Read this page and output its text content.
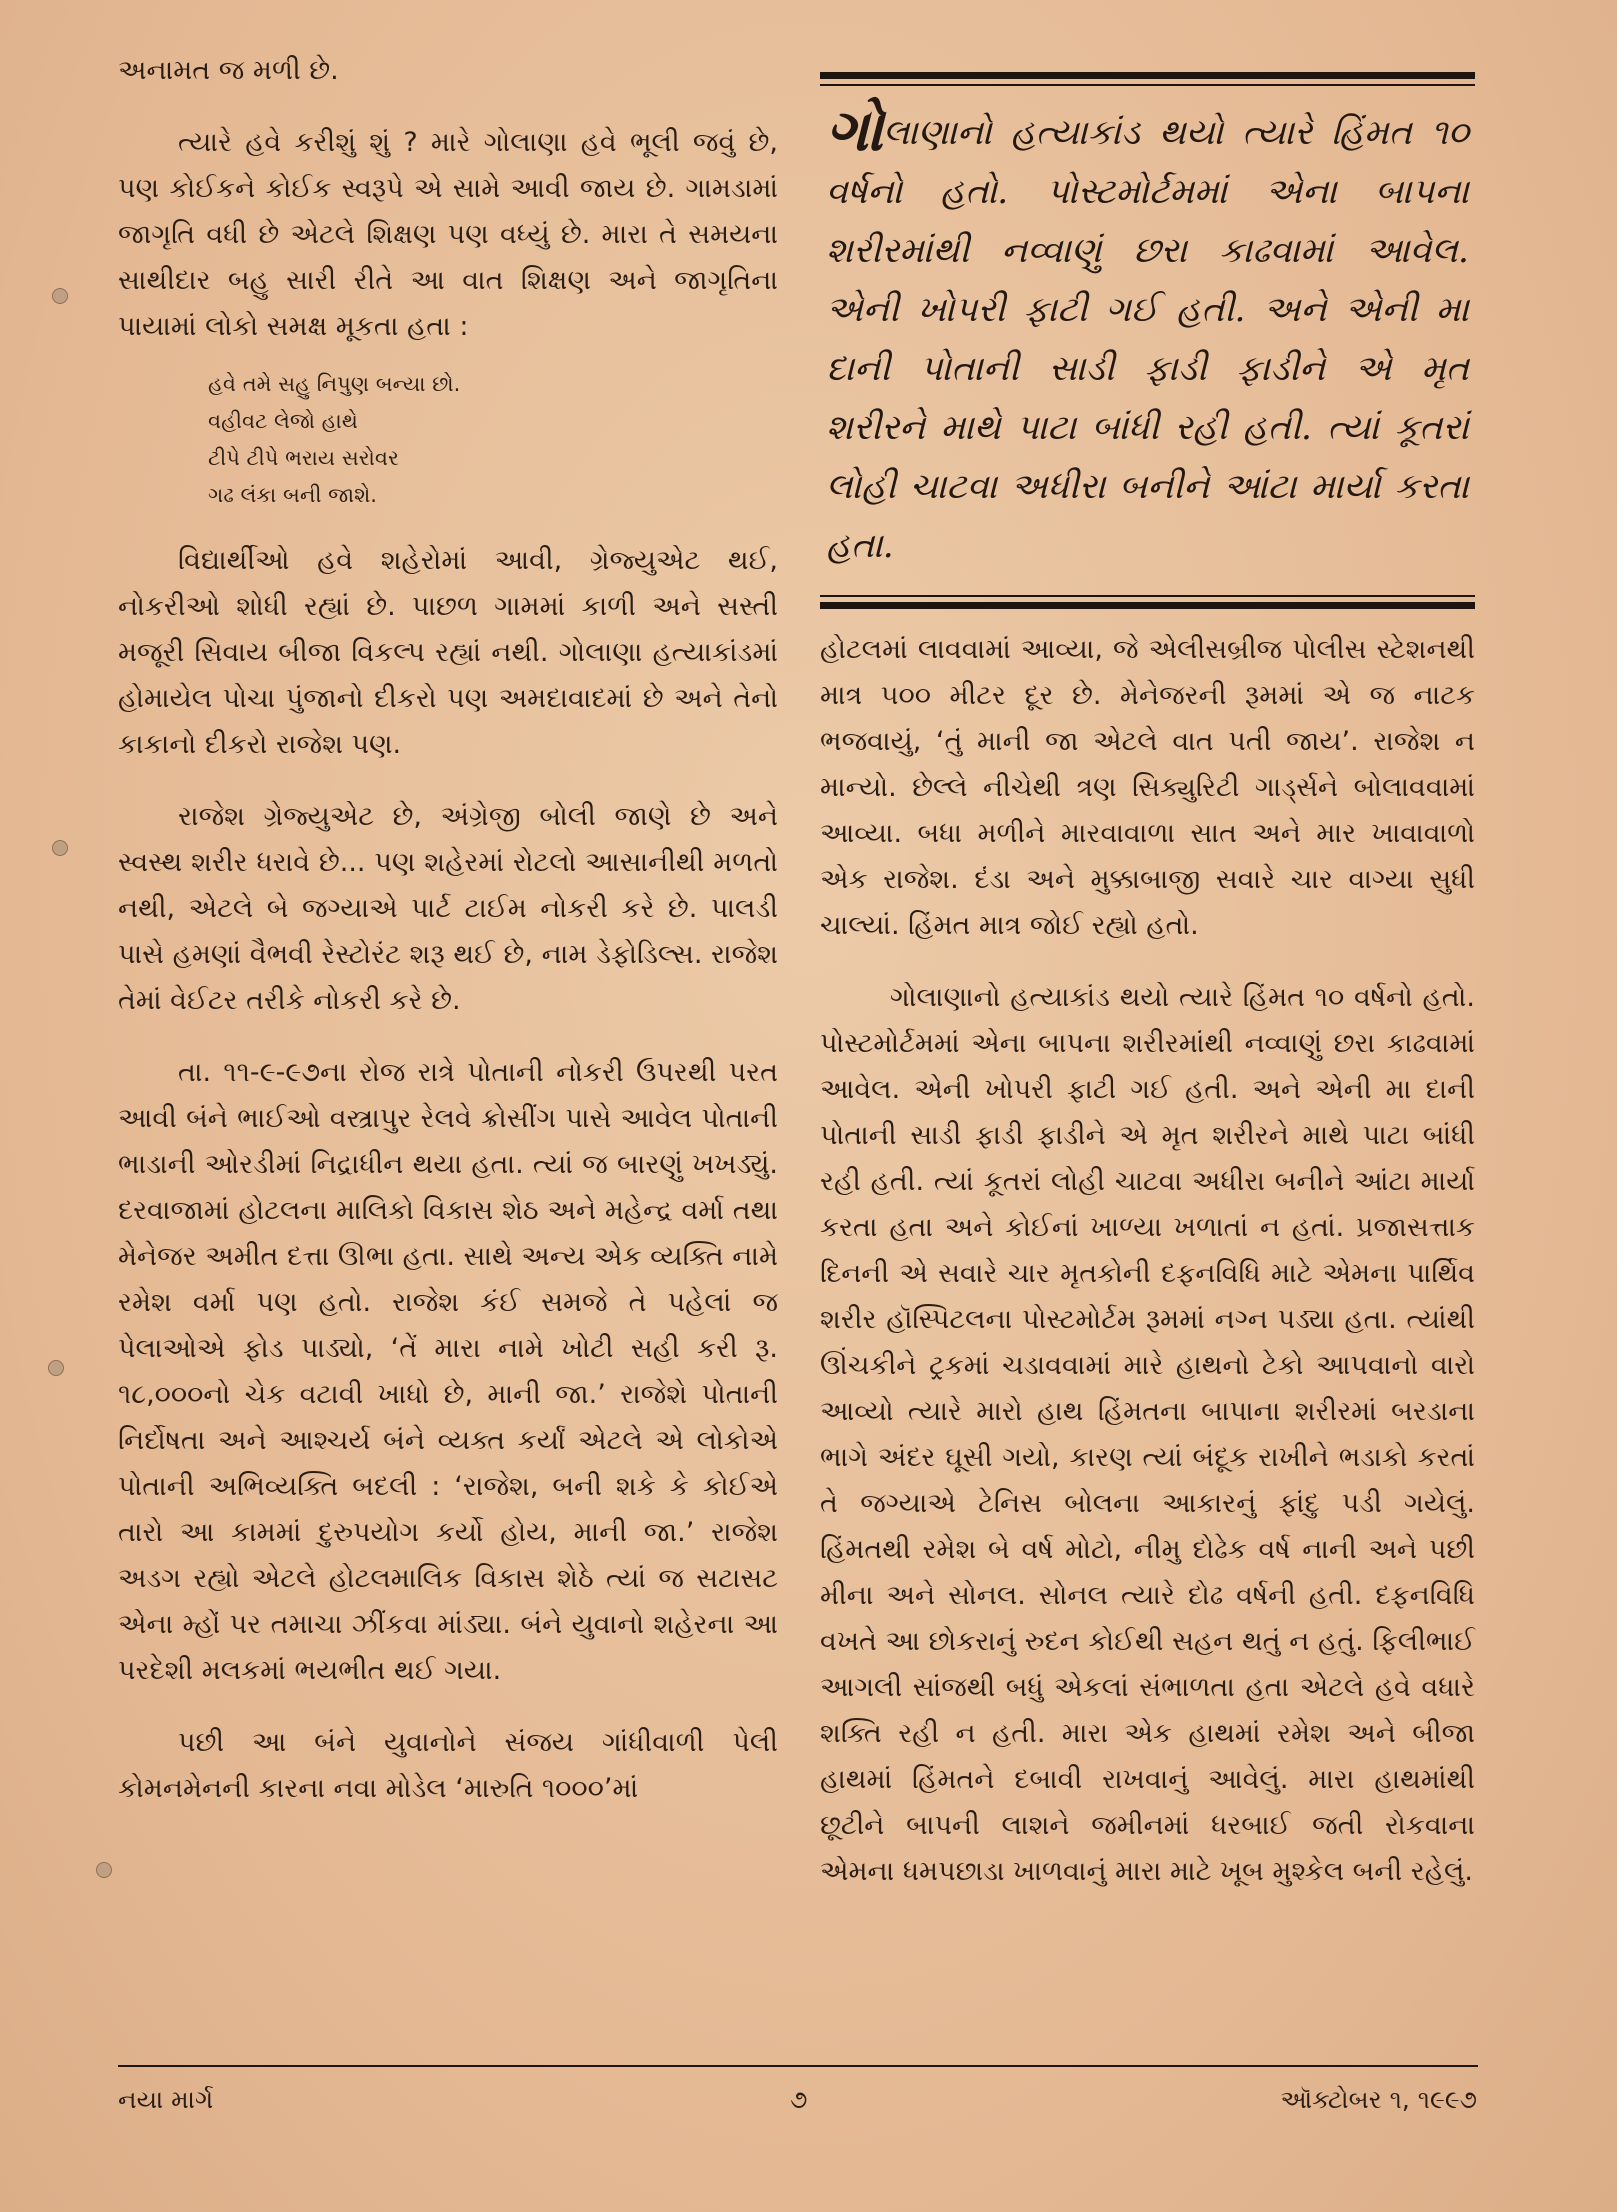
અનામત જ મળી છે.

ત્યારે હવે કરીશું શું ? મારે ગોલાણા હવે ભૂલી જવું છે, પણ કોઈકને કોઈક સ્વરૂપે એ સામે આવી જાય છે. ગામડામાં જાગૃતિ વધી છે એટલે શિક્ષણ પણ વધ્યું છે. મારા તે સમયના સાથીદાર બહુ સારી રીતે આ વાત શિક્ષણ અને જાગૃતિના પાયામાં લોકો સમક્ષ મૂકતા હતા :

હવે તમે સહુ નિપુણ બન્યા છો.
વહીવટ લેજો હાથે
ટીપે ટીપે ભરાય સરોવર
ગઢ લંકા બની જાશે.

વિદ્યાર્થીઓ હવે શહેરોમાં આવી, ગ્રેજ્યુએટ થઈ, નોકરીઓ શોધી રહ્યાં છે. પાછળ ગામમાં કાળી અને સસ્તી મજૂરી સિવાય બીજા વિકલ્પ રહ્યાં નથી. ગોલાણા હત્યાકાંડમાં હોમાયેલ પોચા પુંજાનો દીકરો પણ અમદાવાદમાં છે અને તેનો કાકાનો દીકરો રાજેશ પણ.

રાજેશ ગ્રેજ્યુએટ છે, અંગ્રેજી બોલી જાણે છે અને સ્વસ્થ શરીર ધરાવે છે... પણ શહેરમાં રોટલો આસાનીથી મળતો નથી, એટલે બે જગ્યાએ પાર્ટ ટાઈમ નોકરી કરે છે. પાલડી પાસે હમણાં વૈભવી રેસ્ટોરંટ શરૂ થઈ છે, નામ ડેફોડિલ્સ. રાજેશ તેમાં વેઈટર તરીકે નોકરી કરે છે.

તા. ૧૧-૯-૯૭ના રોજ રાત્રે પોતાની નોકરી ઉપરથી પરત આવી બંને ભાઈઓ વસ્ત્રાપુર રેલવે ક્રોસીંગ પાસે આવેલ પોતાની ભાડાની ઓરડીમાં નિદ્રાધીન થયા હતા. ત્યાં જ બારણું ખખડ્યું. દરવાજામાં હોટલના માલિકો વિકાસ શેઠ અને મહેન્દ્ર વર્મા તથા મેનેજર અમીત દત્તા ઊભા હતા. સાથે અન્ય એક વ્યક્તિ નામે રમેશ વર્મા પણ હતો. રાજેશ કંઈ સમજે તે પહેલાં જ પેલાઓએ ફોડ પાડ્યો, ‘તેં મારા નામે ખોટી સહી કરી રૂ. ૧૮,૦૦૦નો ચેક વટાવી ખાધો છે, માની જા.’ રાજેશે પોતાની નિર્દોષતા અને આશ્ચર્ય બંને વ્યક્ત કર્યાં એટલે એ લોકોએ પોતાની અભિવ્યક્તિ બદલી : ‘રાજેશ, બની શકે કે કોઈએ તારો આ કામમાં દુરુપયોગ કર્યો હોય, માની જા.’ રાજેશ અડગ રહ્યો એટલે હોટલમાલિક વિકાસ શેઠે ત્યાં જ સટાસટ એના મ્હોં પર તમાચા ઝીંકવા માંડ્યા. બંને યુવાનો શહેરના આ પરદેશી મલકમાં ભયભીત થઈ ગયા.

પછી આ બંને યુવાનોને સંજય ગાંધીવાળી પેલી કોમનમેનની કારના નવા મોડેલ ‘મારુતિ ૧૦૦૦’માં

ગોલાણાનો હત્યાકાંડ થયો ત્યારે હિંમત ૧૦ વર્ષનો હતો. પોસ્ટમોર્ટમમાં એના બાપના શરીરમાંથી નવ્વાણું છરા કાઢવામાં આવેલ. એની ખોપરી ફાટી ગઈ હતી. અને એની મા દાની પોતાની સાડી ફાડી ફાડીને એ મૃત શરીરને માથે પાટા બાંધી રહી હતી. ત્યાં કૂતરાં લોહી ચાટવા અધીરા બનીને આંટા માર્યા કરતા હતા.

હોટલમાં લાવવામાં આવ્યા, જે એલીસબ્રીજ પોલીસ સ્ટેશનથી માત્ર ૫૦૦ મીટર દૂર છે. મેનેજરની રૂમમાં એ જ નાટક ભજવાયું, ‘તું માની જા એટલે વાત પતી જાય’. રાજેશ ન માન્યો. છેલ્લે નીચેથી ત્રણ સિક્યુરિટી ગાર્ડ્સને બોલાવવામાં આવ્યા. બધા મળીને મારવાવાળા સાત અને માર ખાવાવાળો એક રાજેશ. દંડા અને મુક્કાબાજી સવારે ચાર વાગ્યા સુધી ચાલ્યાં. હિંમત માત્ર જોઈ રહ્યો હતો.

ગોલાણાનો હત્યાકાંડ થયો ત્યારે હિંમત ૧૦ વર્ષનો હતો. પોસ્ટમોર્ટમમાં એના બાપના શરીરમાંથી નવ્વાણું છરા કાઢવામાં આવેલ. એની ખોપરી ફાટી ગઈ હતી. અને એની મા દાની પોતાની સાડી ફાડી ફાડીને એ મૃત શરીરને માથે પાટા બાંધી રહી હતી. ત્યાં કૂતરાં લોહી ચાટવા અધીરા બનીને આંટા માર્યા કરતા હતા અને કોઈનાં ખાળ્યા ખળાતાં ન હતાં. પ્રજાસત્તાક દિનની એ સવારે ચાર મૃતકોની દફનવિધિ માટે એમના પાર્થિવ શરીર હૉસ્પિટલના પોસ્ટમોર્ટમ રૂમમાં નગ્ન પડ્યા હતા. ત્યાંથી ઊંચકીને ટ્રકમાં ચડાવવામાં મારે હાથનો ટેકો આપવાનો વારો આવ્યો ત્યારે મારો હાથ હિંમતના બાપાના શરીરમાં બરડાના ભાગે અંદર ઘૂસી ગયો, કારણ ત્યાં બંદૂક રાખીને ભડાકો કરતાં તે જગ્યાએ ટેનિસ બોલના આકારનું ફાંદુ પડી ગયેલું. હિંમતથી રમેશ બે વર્ષ મોટો, નીમુ દોઢેક વર્ષ નાની અને પછી મીના અને સોનલ. સોનલ ત્યારે દોઢ વર્ષની હતી. દફનવિધિ વખતે આ છોકરાનું રુદન કોઈથી સહન થતું ન હતું. ફિલીભાઈ આગલી સાંજથી બધું એકલાં સંભાળતા હતા એટલે હવે વધારે શક્તિ રહી ન હતી. મારા એક હાથમાં રમેશ અને બીજા હાથમાં હિંમતને દબાવી રાખવાનું આવેલું. મારા હાથમાંથી છૂટીને બાપની લાશને જમીનમાં ધરબાઈ જતી રોકવાના એમના ધમપછાડા ખાળવાનું મારા માટે ખૂબ મુશ્કેલ બની રહેલું.

નયા માર્ગ	૭	ઑક્ટોબર ૧, ૧૯૯૭
